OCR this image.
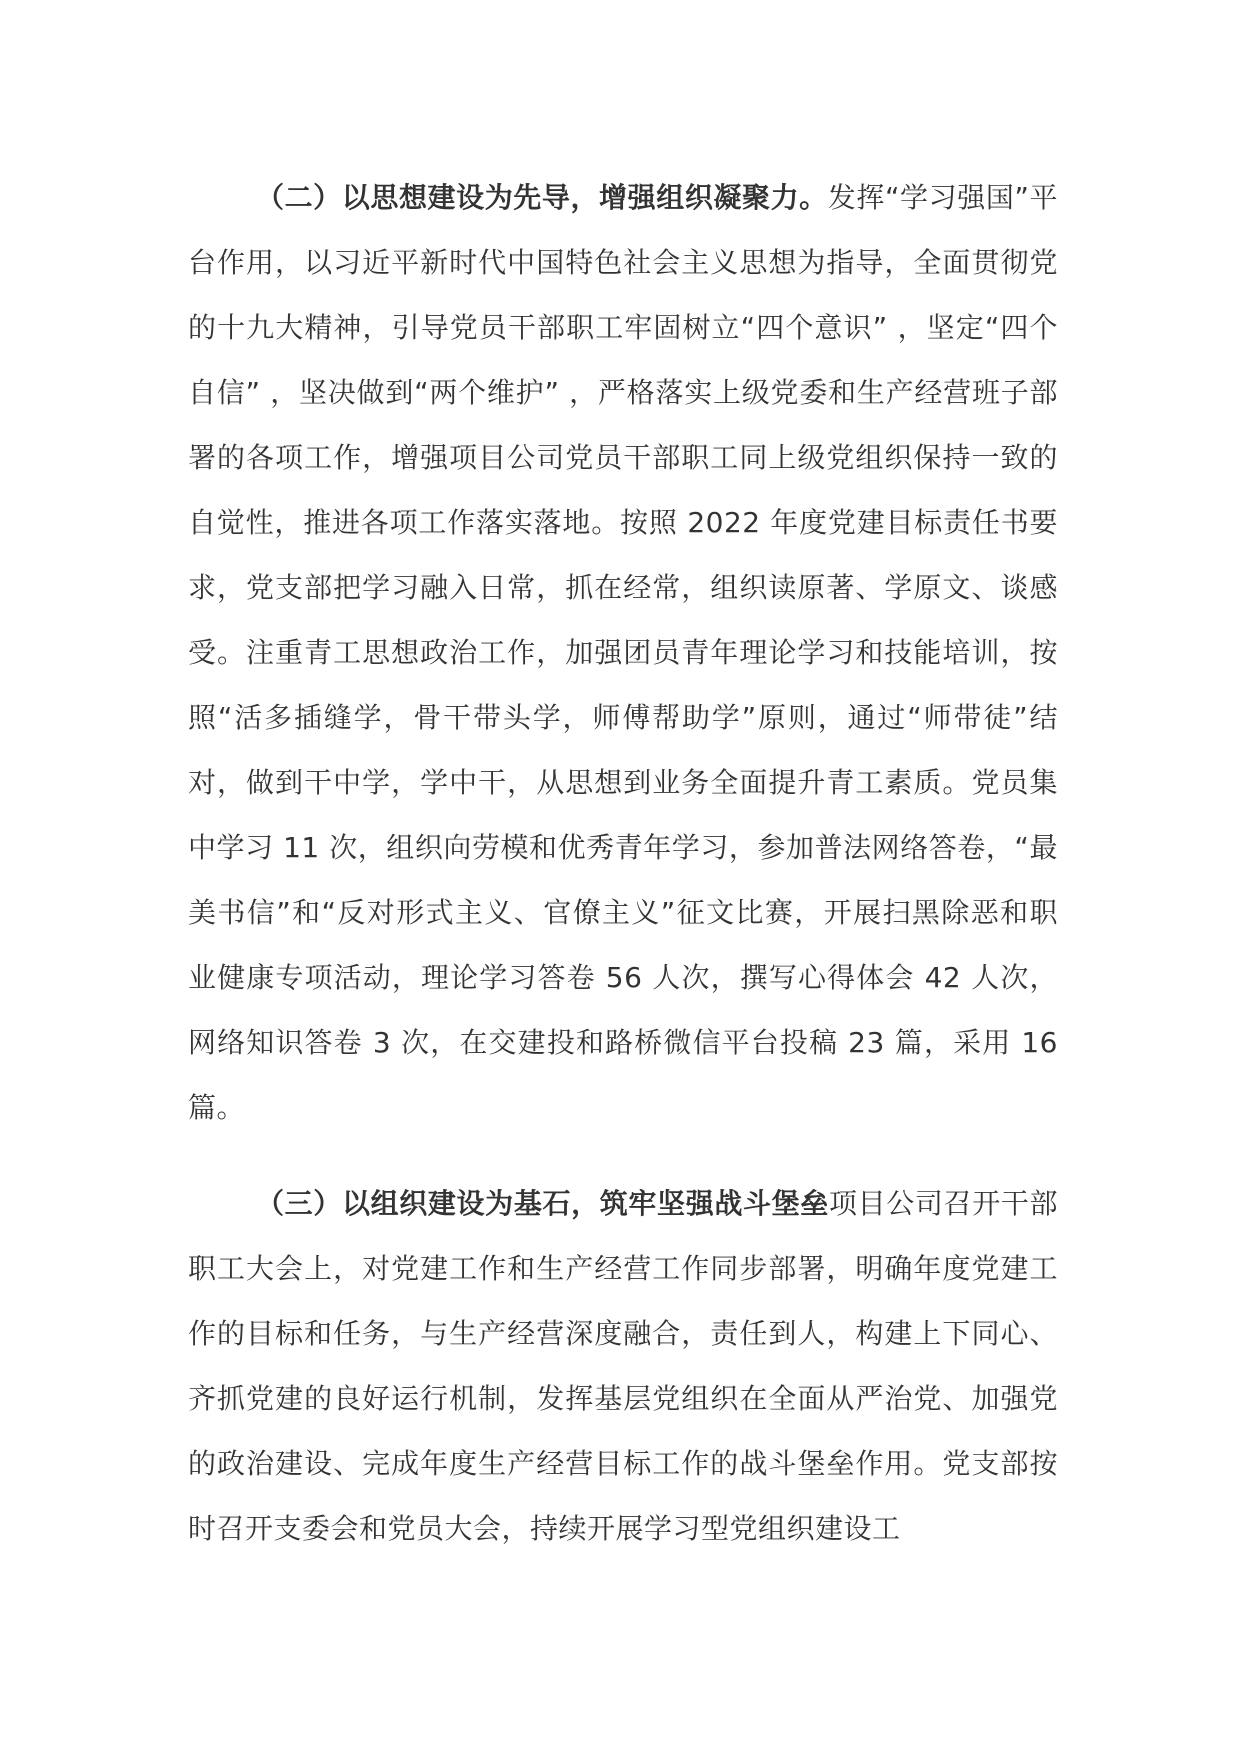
（二）以思想建设为先导，增强组织凝聚力。发挥“学习强国”平台作用，以习近平新时代中国特色社会主义思想为指导，全面贯彻党的十九大精神，引导党员干部职工牢固树立“四个意识” ，坚定“四个自信” ，坚决做到“两个维护” ，严格落实上级党委和生产经营班子部署的各项工作，增强项目公司党员干部职工同上级党组织保持一致的自觉性，推进各项工作落实落地。按照 2022 年度党建目标责任书要求，党支部把学习融入日常，抓在经常，组织读原著、学原文、谈感受。注重青工思想政治工作，加强团员青年理论学习和技能培训，按照“活多插缝学，骨干带头学，师傅帮助学”原则，通过“师带徒”结对，做到干中学，学中干，从思想到业务全面提升青工素质。党员集中学习 11 次，组织向劳模和优秀青年学习，参加普法网络答卷，“最美书信”和“反对形式主义、官僚主义”征文比赛，开展扫黑除恶和职业健康专项活动，理论学习答卷 56 人次，撰写心得体会 42 人次，网络知识答卷 3 次，在交建投和路桥微信平台投稿 23 篇，采用 16 篇。

（三）以组织建设为基石，筑牢坚强战斗堡垒项目公司召开干部职工大会上，对党建工作和生产经营工作同步部署，明确年度党建工作的目标和任务，与生产经营深度融合，责任到人，构建上下同心、齐抓党建的良好运行机制，发挥基层党组织在全面从严治党、加强党的政治建设、完成年度生产经营目标工作的战斗堡垒作用。党支部按时召开支委会和党员大会，持续开展学习型党组织建设工
